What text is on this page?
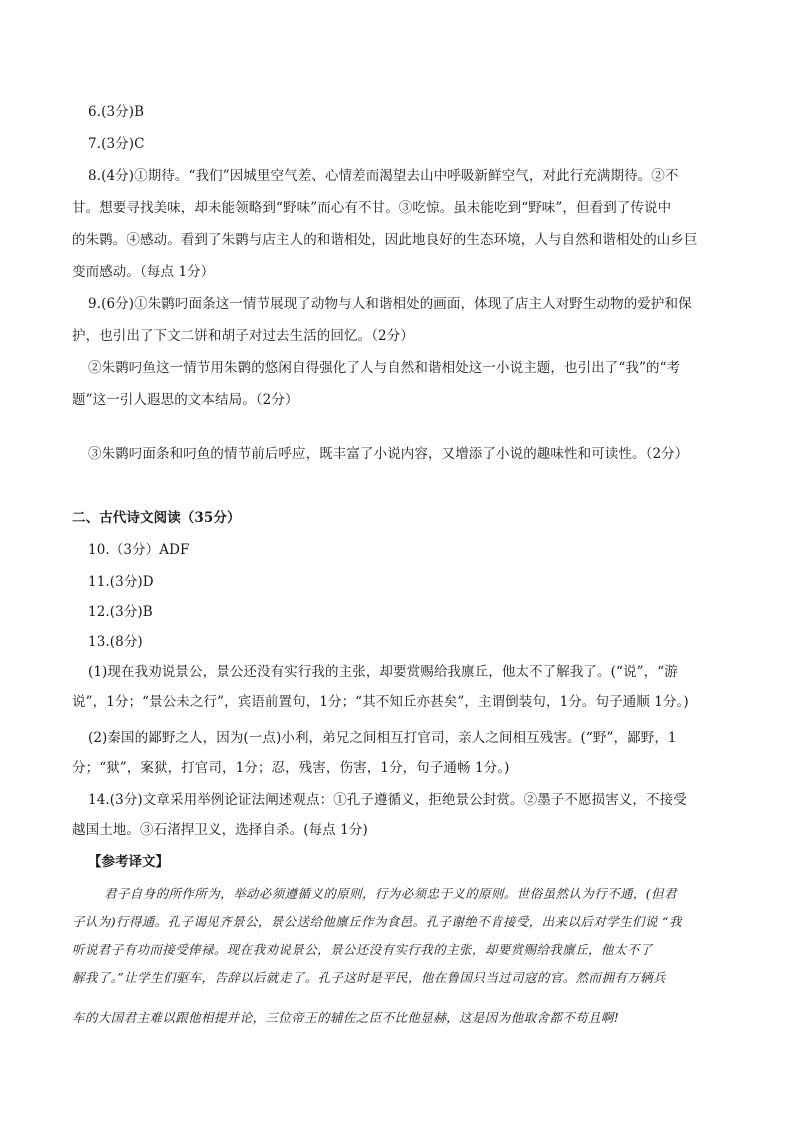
6.(3分)B
7.(3分)C
8.(4分)①期待。“我们”因城里空气差、心情差而渴望去山中呼吸新鲜空气，对此行充满期待。②不
甘。想要寻找美味，却未能领略到“野味”而心有不甘。③吃惊。虽未能吃到“野味”，但看到了传说中
的朱鹮。④感动。看到了朱鹮与店主人的和谐相处，因此地良好的生态环境，人与自然和谐相处的山乡巨
变而感动。（每点 1分）
9.(6分)①朱鹮叼面条这一情节展现了动物与人和谐相处的画面，体现了店主人对野生动物的爱护和保
护，也引出了下文二饼和胡子对过去生活的回忆。（2分）
②朱鹮叼鱼这一情节用朱鹮的悠闲自得强化了人与自然和谐相处这一小说主题，也引出了“我”的“考
题”这一引人遐思的文本结局。（2分）
③朱鹮叼面条和叼鱼的情节前后呼应，既丰富了小说内容，又增添了小说的趣味性和可读性。（2分）
二、古代诗文阅读（35分）
10.（3分）ADF
11.(3分)D
12.(3分)B
13.(8分)
(1)现在我劝说景公，景公还没有实行我的主张，却要赏赐给我廪丘，他太不了解我了。(“说”，“游
说”，1分；“景公未之行”，宾语前置句，1分；“其不知丘亦甚矣”，主谓倒装句，1分。句子通顺 1分。)
(2)秦国的鄙野之人，因为(一点)小利，弟兄之间相互打官司，亲人之间相互残害。(“野”，鄙野，1
分；“狱”，案狱，打官司，1分；忍，残害，伤害，1分，句子通畅 1分。)
14.(3分)文章采用举例论证法阐述观点：①孔子遵循义，拒绝景公封赏。②墨子不愿损害义，不接受
越国土地。③石渚捍卫义，选择自杀。(每点 1分)
【参考译文】
君子自身的所作所为，举动必须遵循义的原则，行为必须忠于义的原则。世俗虽然认为行不通，(但君
子认为)行得通。孔子谒见齐景公，景公送给他廪丘作为食邑。孔子谢绝不肯接受，出来以后对学生们说 “我
听说君子有功而接受俸禄。现在我劝说景公，景公还没有实行我的主张，却要赏赐给我廪丘，他太不了
解我了。”让学生们驱车，告辞以后就走了。孔子这时是平民，他在鲁国只当过司寇的官。然而拥有万辆兵
车的大国君主难以跟他相提并论，三位帝王的辅佐之臣不比他显赫，这是因为他取舍都不苟且啊!
